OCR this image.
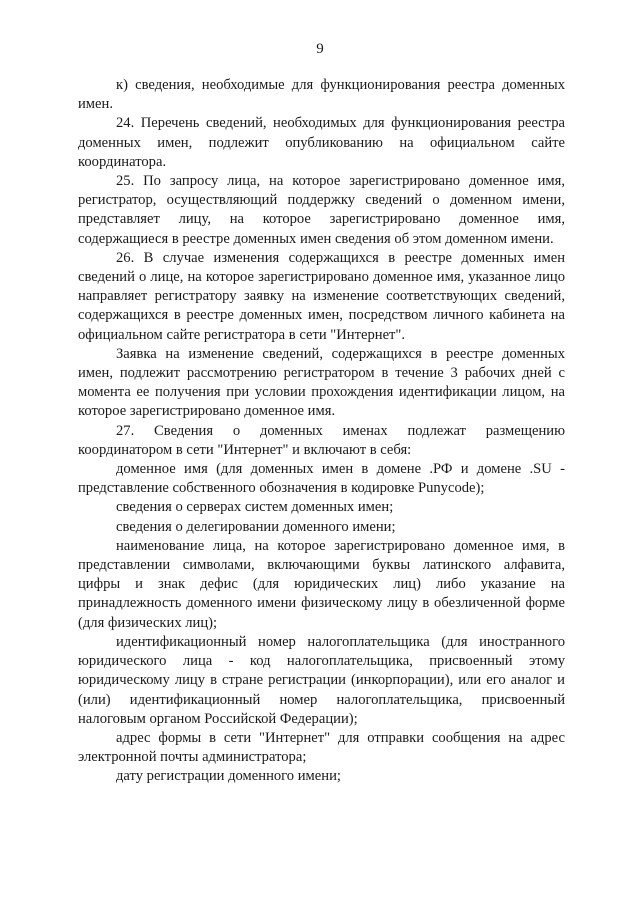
9

к) сведения, необходимые для функционирования реестра доменных имен.

24. Перечень сведений, необходимых для функционирования реестра доменных имен, подлежит опубликованию на официальном сайте координатора.

25. По запросу лица, на которое зарегистрировано доменное имя, регистратор, осуществляющий поддержку сведений о доменном имени, представляет лицу, на которое зарегистрировано доменное имя, содержащиеся в реестре доменных имен сведения об этом доменном имени.

26. В случае изменения содержащихся в реестре доменных имен сведений о лице, на которое зарегистрировано доменное имя, указанное лицо направляет регистратору заявку на изменение соответствующих сведений, содержащихся в реестре доменных имен, посредством личного кабинета на официальном сайте регистратора в сети "Интернет".

Заявка на изменение сведений, содержащихся в реестре доменных имен, подлежит рассмотрению регистратором в течение 3 рабочих дней с момента ее получения при условии прохождения идентификации лицом, на которое зарегистрировано доменное имя.

27. Сведения о доменных именах подлежат размещению координатором в сети "Интернет" и включают в себя:

доменное имя (для доменных имен в домене .РФ и домене .SU - представление собственного обозначения в кодировке Punycode);

сведения о серверах систем доменных имен;

сведения о делегировании доменного имени;

наименование лица, на которое зарегистрировано доменное имя, в представлении символами, включающими буквы латинского алфавита, цифры и знак дефис (для юридических лиц) либо указание на принадлежность доменного имени физическому лицу в обезличенной форме (для физических лиц);

идентификационный номер налогоплательщика (для иностранного юридического лица - код налогоплательщика, присвоенный этому юридическому лицу в стране регистрации (инкорпорации), или его аналог и (или) идентификационный номер налогоплательщика, присвоенный налоговым органом Российской Федерации);

адрес формы в сети "Интернет" для отправки сообщения на адрес электронной почты администратора;

дату регистрации доменного имени;
